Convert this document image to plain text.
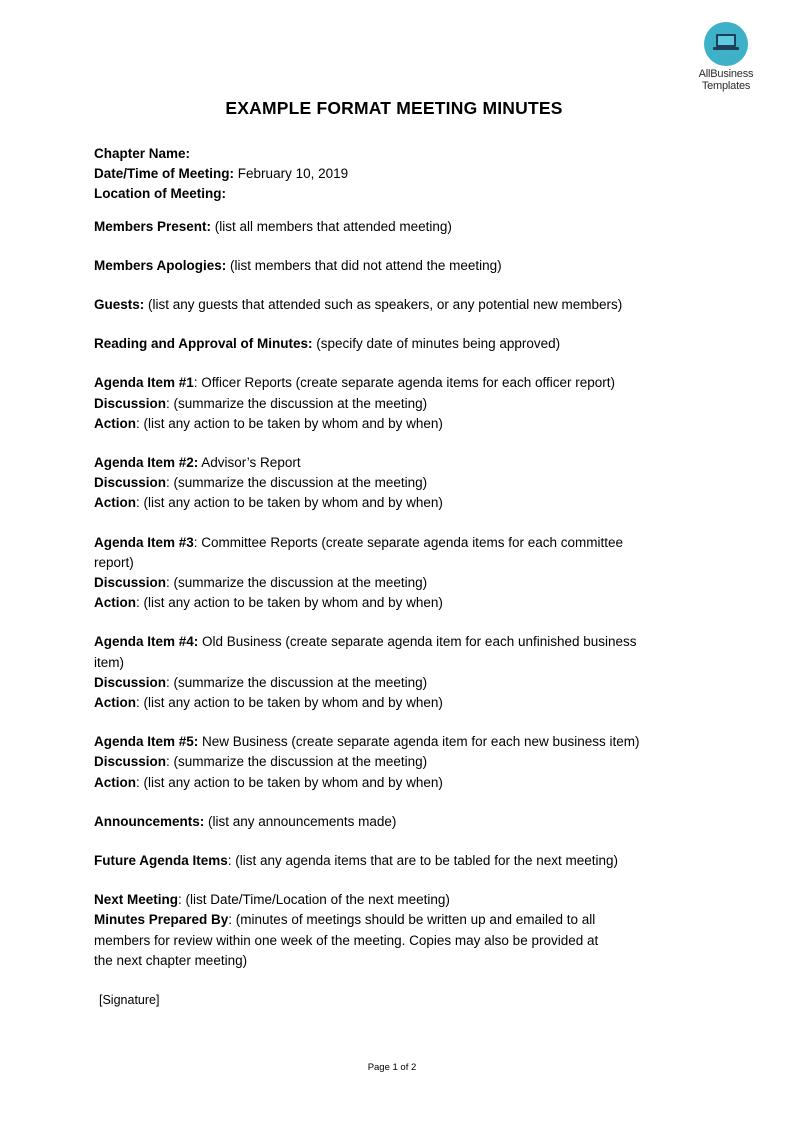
AllBusiness
Templates
EXAMPLE FORMAT MEETING MINUTES
Chapter Name:
Date/Time of Meeting: February 10, 2019
Location of Meeting:
Members Present: (list all members that attended meeting)
Members Apologies: (list members that did not attend the meeting)
Guests: (list any guests that attended such as speakers, or any potential new members)
Reading and Approval of Minutes: (specify date of minutes being approved)
Agenda Item #1: Officer Reports (create separate agenda items for each officer report)
Discussion: (summarize the discussion at the meeting)
Action: (list any action to be taken by whom and by when)
Agenda Item #2: Advisor’s Report
Discussion: (summarize the discussion at the meeting)
Action: (list any action to be taken by whom and by when)
Agenda Item #3: Committee Reports (create separate agenda items for each committee
report)
Discussion: (summarize the discussion at the meeting)
Action: (list any action to be taken by whom and by when)
Agenda Item #4: Old Business (create separate agenda item for each unfinished business
item)
Discussion: (summarize the discussion at the meeting)
Action: (list any action to be taken by whom and by when)
Agenda Item #5: New Business (create separate agenda item for each new business item)
Discussion: (summarize the discussion at the meeting)
Action: (list any action to be taken by whom and by when)
Announcements: (list any announcements made)
Future Agenda Items: (list any agenda items that are to be tabled for the next meeting)
Next Meeting: (list Date/Time/Location of the next meeting)
Minutes Prepared By: (minutes of meetings should be written up and emailed to all
members for review within one week of the meeting. Copies may also be provided at
the next chapter meeting)
[Signature]
Page 1 of 2
